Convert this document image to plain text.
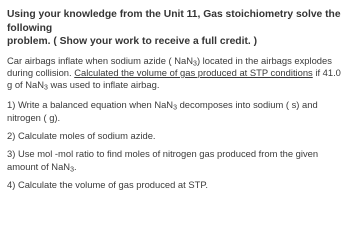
Using your knowledge from the Unit 11, Gas stoichiometry solve the following
problem. ( Show your work to receive a full credit. )
Car airbags inflate when sodium azide ( NaN$_3$) located in the airbags explodes during collision. Calculated the volume of gas produced at STP conditions if 41.0 g of NaN$_3$ was used to inflate airbag.
1) Write a balanced equation when NaN$_3$ decomposes into sodium ( s) and nitrogen ( g).
2) Calculate moles of sodium azide.
3) Use mol -mol ratio to find moles of nitrogen gas produced from the given amount of NaN$_3$.
4) Calculate the volume of gas produced at STP.
